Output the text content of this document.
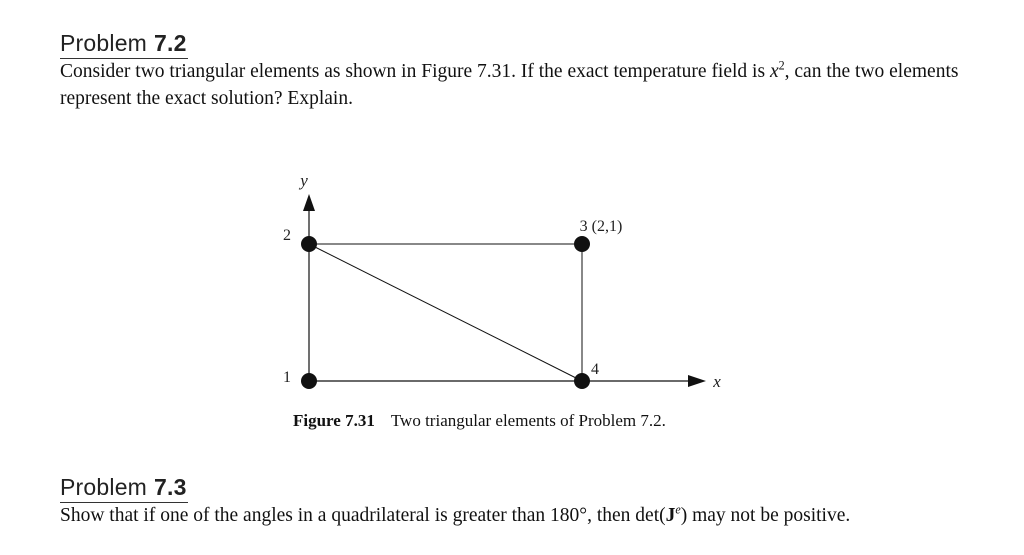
Problem 7.2
Consider two triangular elements as shown in Figure 7.31. If the exact temperature field is $x^2$, can the two elements represent the exact solution? Explain.
y
x
1
2
3 (2,1)
4
Figure 7.31 Two triangular elements of Problem 7.2.
Problem 7.3
Show that if one of the angles in a quadrilateral is greater than 180°, then $\det(J^e)$ may not be positive.
